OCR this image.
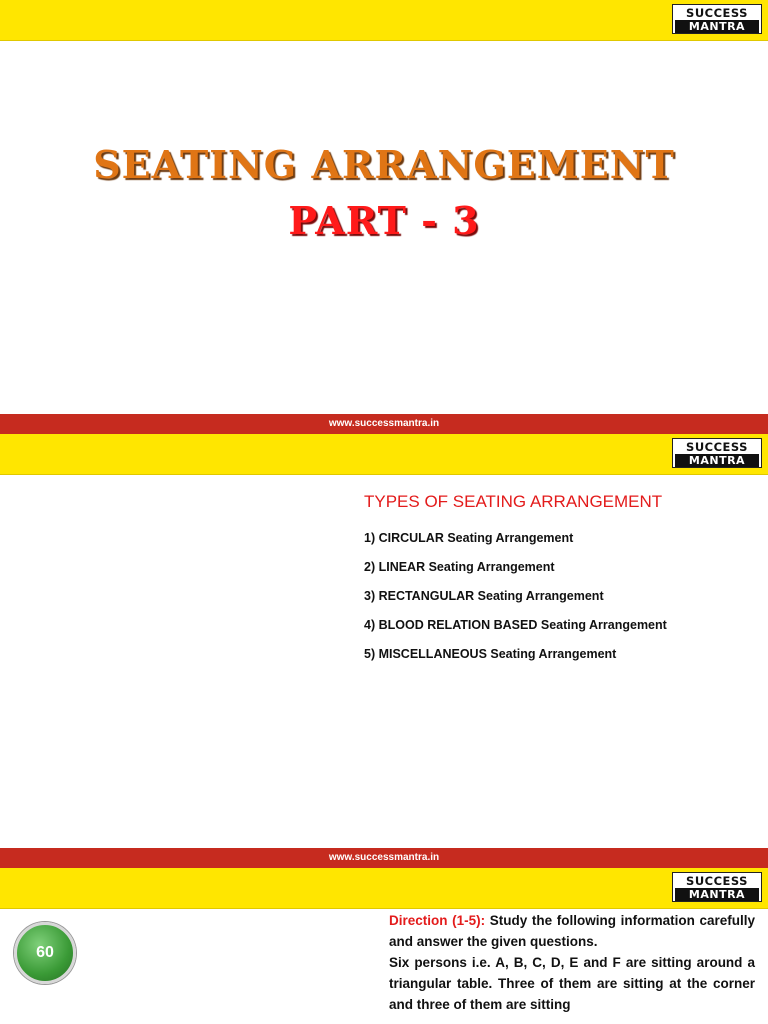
SUCCESS
MANTRA
SEATING ARRANGEMENT
PART - 3
www.successmantra.in
SUCCESS
MANTRA
TYPES OF SEATING ARRANGEMENT
1) CIRCULAR Seating Arrangement
2) LINEAR Seating Arrangement
3) RECTANGULAR Seating Arrangement
4) BLOOD RELATION BASED Seating Arrangement
5) MISCELLANEOUS Seating Arrangement
www.successmantra.in
SUCCESS
MANTRA
60

Direction (1-5): Study the following information carefully and answer the given questions.

Six persons i.e. A, B, C, D, E and F are sitting around a triangular table. Three of them are sitting at the corner and three of them are sitting
